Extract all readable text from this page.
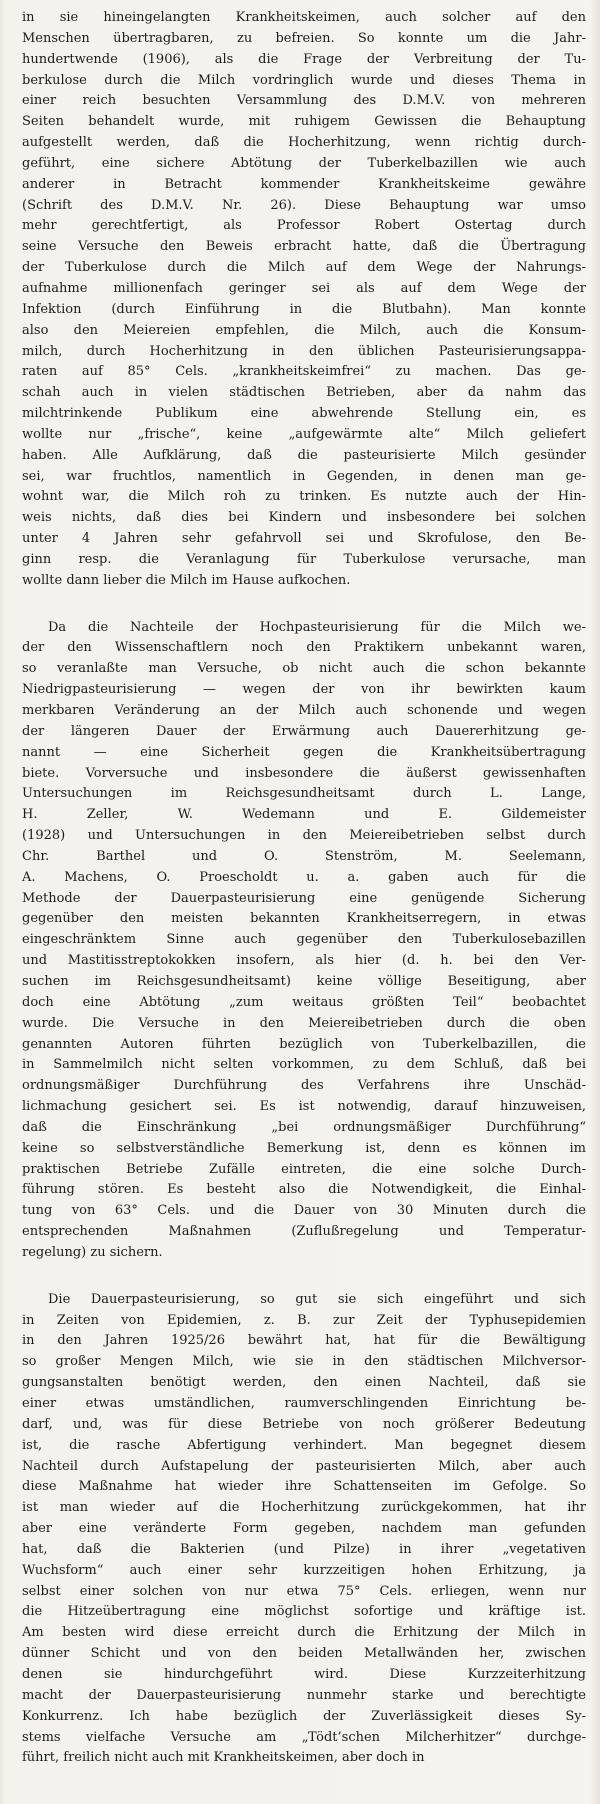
in sie hineingelangten Krankheitskeimen, auch solcher auf den
Menschen übertragbaren, zu befreien. So konnte um die Jahr-
hundertwende (1906), als die Frage der Verbreitung der Tu-
berkulose durch die Milch vordringlich wurde und dieses Thema in
einer reich besuchten Versammlung des D.M.V. von mehreren
Seiten behandelt wurde, mit ruhigem Gewissen die Behauptung
aufgestellt werden, daß die Hocherhitzung, wenn richtig durch-
geführt, eine sichere Abtötung der Tuberkelbazillen wie auch
anderer in Betracht kommender Krankheitskeime gewähre
(Schrift des D.M.V. Nr. 26). Diese Behauptung war umso
mehr gerechtfertigt, als Professor Robert Ostertag durch
seine Versuche den Beweis erbracht hatte, daß die Übertragung
der Tuberkulose durch die Milch auf dem Wege der Nahrungs-
aufnahme millionenfach geringer sei als auf dem Wege der
Infektion (durch Einführung in die Blutbahn). Man konnte
also den Meiereien empfehlen, die Milch, auch die Konsum-
milch, durch Hocherhitzung in den üblichen Pasteurisierungsappa-
raten auf 85° Cels. „krankheitskeimfrei“ zu machen. Das ge-
schah auch in vielen städtischen Betrieben, aber da nahm das
milchtrinkende Publikum eine abwehrende Stellung ein, es
wollte nur „frische“, keine „aufgewärmte alte“ Milch geliefert
haben. Alle Aufklärung, daß die pasteurisierte Milch gesünder
sei, war fruchtlos, namentlich in Gegenden, in denen man ge-
wohnt war, die Milch roh zu trinken. Es nutzte auch der Hin-
weis nichts, daß dies bei Kindern und insbesondere bei solchen
unter 4 Jahren sehr gefahrvoll sei und Skrofulose, den Be-
ginn resp. die Veranlagung für Tuberkulose verursache, man
wollte dann lieber die Milch im Hause aufkochen.

Da die Nachteile der Hochpasteurisierung für die Milch we-
der den Wissenschaftlern noch den Praktikern unbekannt waren,
so veranlaßte man Versuche, ob nicht auch die schon bekannte
Niedrigpasteurisierung — wegen der von ihr bewirkten kaum
merkbaren Veränderung an der Milch auch schonende und wegen
der längeren Dauer der Erwärmung auch Dauererhitzung ge-
nannt — eine Sicherheit gegen die Krankheitsübertragung
biete. Vorversuche und insbesondere die äußerst gewissenhaften
Untersuchungen im Reichsgesundheitsamt durch L. Lange,
H. Zeller, W. Wedemann und E. Gildemeister
(1928) und Untersuchungen in den Meiereibetrieben selbst durch
Chr. Barthel und O. Stenström, M. Seelemann,
A. Machens, O. Proescholdt u. a. gaben auch für die
Methode der Dauerpasteurisierung eine genügende Sicherung
gegenüber den meisten bekannten Krankheitserregern, in etwas
eingeschränktem Sinne auch gegenüber den Tuberkulosebazillen
und Mastitisstreptokokken insofern, als hier (d. h. bei den Ver-
suchen im Reichsgesundheitsamt) keine völlige Beseitigung, aber
doch eine Abtötung „zum weitaus größten Teil“ beobachtet
wurde. Die Versuche in den Meiereibetrieben durch die oben
genannten Autoren führten bezüglich von Tuberkelbazillen, die
in Sammelmilch nicht selten vorkommen, zu dem Schluß, daß bei
ordnungsmäßiger Durchführung des Verfahrens ihre Unschäd-
lichmachung gesichert sei. Es ist notwendig, darauf hinzuweisen,
daß die Einschränkung „bei ordnungsmäßiger Durchführung“
keine so selbstverständliche Bemerkung ist, denn es können im
praktischen Betriebe Zufälle eintreten, die eine solche Durch-
führung stören. Es besteht also die Notwendigkeit, die Einhal-
tung von 63° Cels. und die Dauer von 30 Minuten durch die
entsprechenden Maßnahmen (Zuflußregelung und Temperatur-
regelung) zu sichern.

Die Dauerpasteurisierung, so gut sie sich eingeführt und sich
in Zeiten von Epidemien, z. B. zur Zeit der Typhusepidemien
in den Jahren 1925/26 bewährt hat, hat für die Bewältigung
so großer Mengen Milch, wie sie in den städtischen Milchversor-
gungsanstalten benötigt werden, den einen Nachteil, daß sie
einer etwas umständlichen, raumverschlingenden Einrichtung be-
darf, und, was für diese Betriebe von noch größerer Bedeutung
ist, die rasche Abfertigung verhindert. Man begegnet diesem
Nachteil durch Aufstapelung der pasteurisierten Milch, aber auch
diese Maßnahme hat wieder ihre Schattenseiten im Gefolge. So
ist man wieder auf die Hocherhitzung zurückgekommen, hat ihr
aber eine veränderte Form gegeben, nachdem man gefunden
hat, daß die Bakterien (und Pilze) in ihrer „vegetativen
Wuchsform“ auch einer sehr kurzzeitigen hohen Erhitzung, ja
selbst einer solchen von nur etwa 75° Cels. erliegen, wenn nur
die Hitzeübertragung eine möglichst sofortige und kräftige ist.
Am besten wird diese erreicht durch die Erhitzung der Milch in
dünner Schicht und von den beiden Metallwänden her, zwischen
denen sie hindurchgeführt wird. Diese Kurzzeiterhitzung
macht der Dauerpasteurisierung nunmehr starke und berechtigte
Konkurrenz. Ich habe bezüglich der Zuverlässigkeit dieses Sy-
stems vielfache Versuche am „Tödt’schen Milcherhitzer“ durchge-
führt, freilich nicht auch mit Krankheitskeimen, aber doch in
